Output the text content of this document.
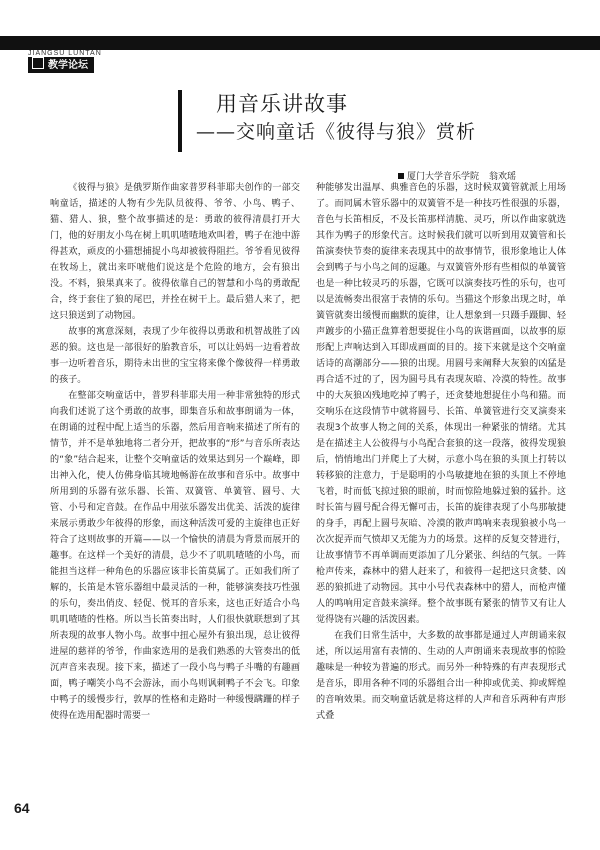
JIANGSU LUNTAN
教学论坛
用音乐讲故事
——交响童话《彼得与狼》赏析
厦门大学音乐学院 翁欢瑶

《彼得与狼》是俄罗斯作曲家普罗科菲耶夫创作的一部交响童话，描述的人物有少先队员彼得、爷爷、小鸟、鸭子、猫、猎人、狼，整个故事描述的是：勇敢的彼得清晨打开大门，他的好朋友小鸟在树上叽叽喳喳地欢叫着，鸭子在池中游得甚欢，顽皮的小猫想捕捉小鸟却被彼得阻拦。爷爷看见彼得在牧场上，就出来吓唬他们说这是个危险的地方，会有狼出没。不料，狼果真来了。彼得依靠自己的智慧和小鸟的勇敢配合，终于套住了狼的尾巴，并拴在树干上。最后猎人来了，把这只狼送到了动物园。

故事的寓意深刻，表现了少年彼得以勇敢和机智战胜了凶恶的狼。这也是一部很好的胎教音乐，可以让妈妈一边看着故事一边听着音乐，期待未出世的宝宝将来像个像彼得一样勇敢的孩子。

在整部交响童话中，普罗科菲耶夫用一种非常独特的形式向我们述说了这个勇敢的故事，即集音乐和故事朗诵为一体，在朗诵的过程中配上适当的乐器，然后用音响来描述了所有的情节，并不是单独地将二者分开，把故事的“形”与音乐所表达的“象”结合起来，让整个交响童话的效果达到另一个巅峰，即出神入化，使人仿佛身临其境地畅游在故事和音乐中。故事中所用到的乐器有弦乐器、长笛、双簧管、单簧管、圆号、大管、小号和定音鼓。在作品中用弦乐器发出优美、活泼的旋律来展示勇敢少年彼得的形象，而这种活泼可爱的主旋律也正好符合了这则故事的开篇——以一个愉快的清晨为背景而展开的趣事。在这样一个美好的清晨，总少不了叽叽喳喳的小鸟，而能担当这样一种角色的乐器应该非长笛莫属了。正如我们所了解的，长笛是木管乐器组中最灵活的一种，能够演奏技巧性强的乐句，奏出俏皮、轻促、悦耳的音乐来，这也正好适合小鸟叽叽喳喳的性格。所以当长笛奏出时，人们很快就联想到了其所表现的故事人物小鸟。故事中扭心屋外有狼出现，总让彼得进屋的慈祥的爷爷，作曲家选用的是我们熟悉的大管奏出的低沉声音来表现。接下来，描述了一段小鸟与鸭子斗嘴的有趣画面，鸭子嘲笑小鸟不会游泳，而小鸟则讽刺鸭子不会飞。印象中鸭子的缓慢步行，敦厚的性格和走路时一种缓慢蹒跚的样子使得在选用配器时需要一

种能够发出温厚、典雅音色的乐器，这时候双簧管就派上用场了。而同属木管乐器中的双簧管不是一种技巧性很强的乐器，音色与长笛相反，不及长笛那样清脆、灵巧，所以作曲家就选其作为鸭子的形象代言。这时候我们就可以听到用双簧管和长笛演奏快节奏的旋律来表现其中的故事情节，很形象地让人体会到鸭子与小鸟之间的逗趣。与双簧管外形有些相似的单簧管也是一种比较灵巧的乐器，它既可以演奏技巧性的乐句，也可以是流畅奏出很富于表情的乐句。当猫这个形象出现之时，单簧管就奏出缓慢而幽默的旋律，让人想象到一只蹑手蹑脚、轻声踱步的小猫正盘算着想要捉住小鸟的诙谐画面，以故事的原形配上声响达到入耳即成画面的目的。接下来就是这个交响童话诗的高潮部分——狼的出现。用圆号来阐释大灰狼的凶猛是再合适不过的了，因为圆号具有表现灰暗、冷漠的特性。故事中的大灰狼凶残地吃掉了鸭子，还贪婪地想捉住小鸟和猫。而交响乐在这段情节中就将圆号、长笛、单簧管进行交叉演奏来表现3个故事人物之间的关系，体现出一种紧张的情绪。尤其是在描述主人公彼得与小鸟配合套狼的这一段落，彼得发现狼后，悄悄地出门并爬上了大树，示意小鸟在狼的头顶上打转以转移狼的注意力，于是聪明的小鸟敏捷地在狼的头顶上不停地飞着，时而低飞掠过狼的眼前，时而惊险地躲过狼的猛扑。这时长笛与圆号配合得无懈可击，长笛的旋律表现了小鸟那敏捷的身手，再配上圆号灰暗、冷漠的散声鸣响来表现狼被小鸟一次次捉弄而气愤却又无能为力的场景。这样的反复交替进行，让故事情节不再单调而更添加了几分紧张、纠结的气氛。一阵枪声传来，森林中的猎人赶来了，和彼得一起把这只贪婪、凶恶的狼抓进了动物园。其中小号代表森林中的猎人，而枪声懂人的鸣响用定音鼓来演绎。整个故事既有紧张的情节又有让人觉得饶有兴趣的活泼因素。

在我们日常生活中，大多数的故事都是通过人声朗诵来叙述，所以运用富有表情的、生动的人声朗诵来表现故事的惊险趣味是一种较为普遍的形式。而另外一种特殊的有声表现形式是音乐，即用各种不同的乐器组合出一种抑或优美、抑或辉煌的音响效果。而交响童话就是将这样的人声和音乐两种有声形式叠

64
